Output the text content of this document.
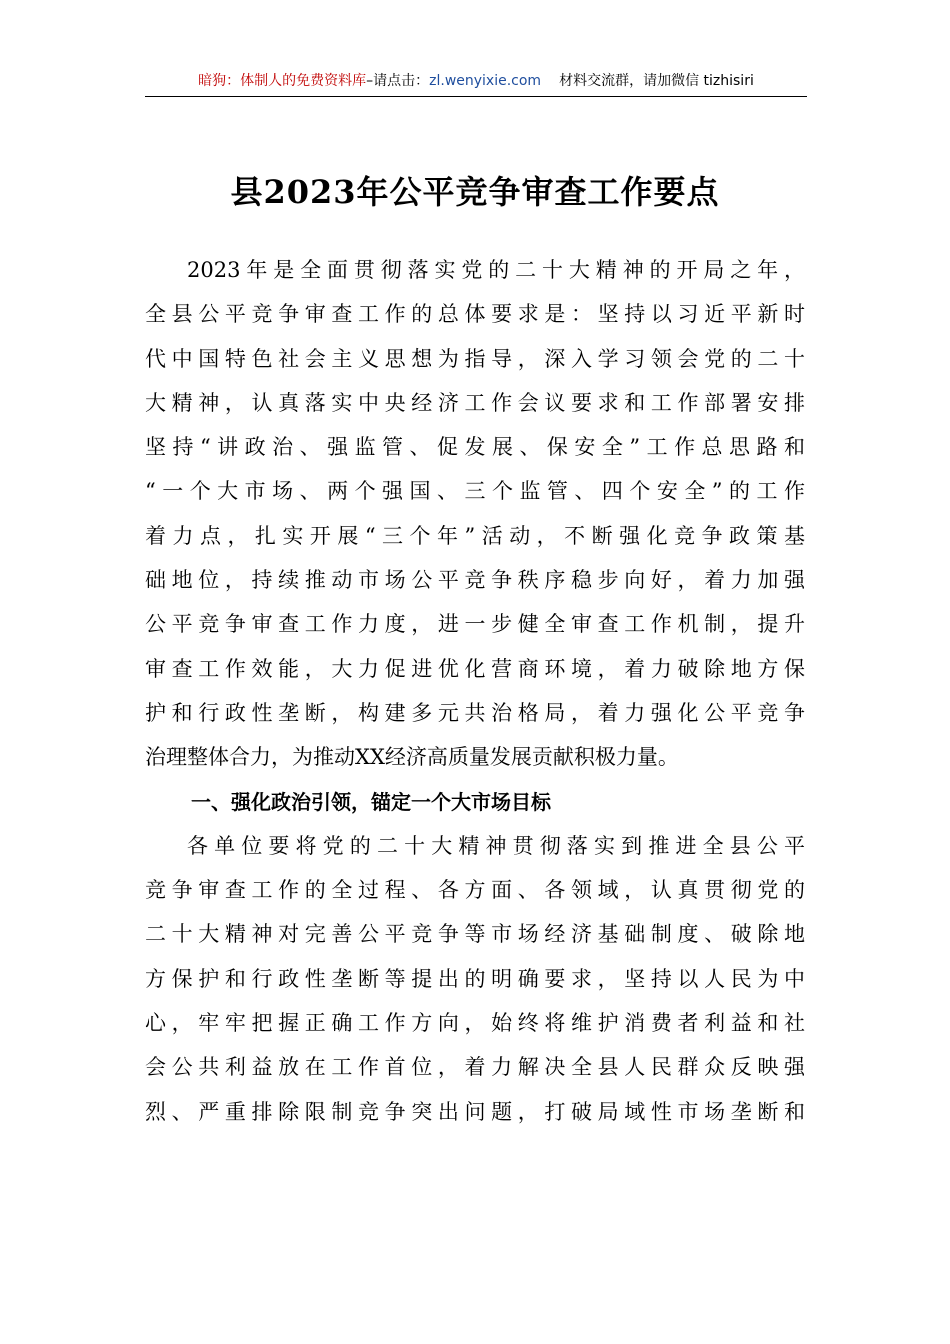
暗狗：体制人的免费资料库–请点击：zl.wenyixie.com 材料交流群，请加微信 tizhisiri
县2023年公平竞争审查工作要点
2023年是全面贯彻落实党的二十大精神的开局之年，
全县公平竞争审查工作的总体要求是：坚持以习近平新时
代中国特色社会主义思想为指导，深入学习领会党的二十
大精神，认真落实中央经济工作会议要求和工作部署安排
坚持“讲政治、强监管、促发展、保安全”工作总思路和
“一个大市场、两个强国、三个监管、四个安全”的工作
着力点，扎实开展“三个年”活动，不断强化竞争政策基
础地位，持续推动市场公平竞争秩序稳步向好，着力加强
公平竞争审查工作力度，进一步健全审查工作机制，提升
审查工作效能，大力促进优化营商环境，着力破除地方保
护和行政性垄断，构建多元共治格局，着力强化公平竞争
治理整体合力，为推动XX经济高质量发展贡献积极力量。
一、强化政治引领，锚定一个大市场目标
各单位要将党的二十大精神贯彻落实到推进全县公平
竞争审查工作的全过程、各方面、各领域，认真贯彻党的
二十大精神对完善公平竞争等市场经济基础制度、破除地
方保护和行政性垄断等提出的明确要求，坚持以人民为中
心，牢牢把握正确工作方向，始终将维护消费者利益和社
会公共利益放在工作首位，着力解决全县人民群众反映强
烈、严重排除限制竞争突出问题，打破局域性市场垄断和
